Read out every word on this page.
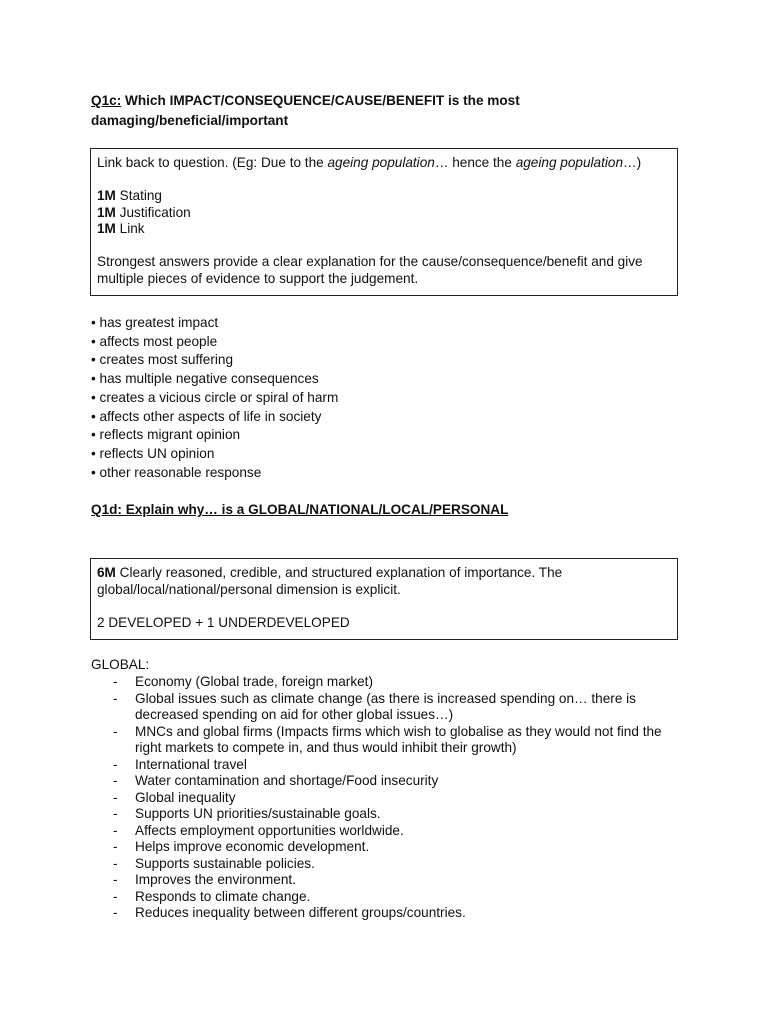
Q1c: Which IMPACT/CONSEQUENCE/CAUSE/BENEFIT is the most damaging/beneficial/important

Link back to question. (Eg: Due to the ageing population… hence the ageing population…)

1M Stating

1M Justification

1M Link

Strongest answers provide a clear explanation for the cause/consequence/benefit and give multiple pieces of evidence to support the judgement.

• has greatest impact
• affects most people
• creates most suffering
• has multiple negative consequences
• creates a vicious circle or spiral of harm
• affects other aspects of life in society
• reflects migrant opinion
• reflects UN opinion
• other reasonable response
Q1d: Explain why… is a GLOBAL/NATIONAL/LOCAL/PERSONAL

6M Clearly reasoned, credible, and structured explanation of importance. The global/local/national/personal dimension is explicit.

2 DEVELOPED + 1 UNDERDEVELOPED

GLOBAL:
- Economy (Global trade, foreign market)
- Global issues such as climate change (as there is increased spending on… there is decreased spending on aid for other global issues…)
- MNCs and global firms (Impacts firms which wish to globalise as they would not find the right markets to compete in, and thus would inhibit their growth)
- International travel
- Water contamination and shortage/Food insecurity
- Global inequality
- Supports UN priorities/sustainable goals.
- Affects employment opportunities worldwide.
- Helps improve economic development.
- Supports sustainable policies.
- Improves the environment.
- Responds to climate change.
- Reduces inequality between different groups/countries.
